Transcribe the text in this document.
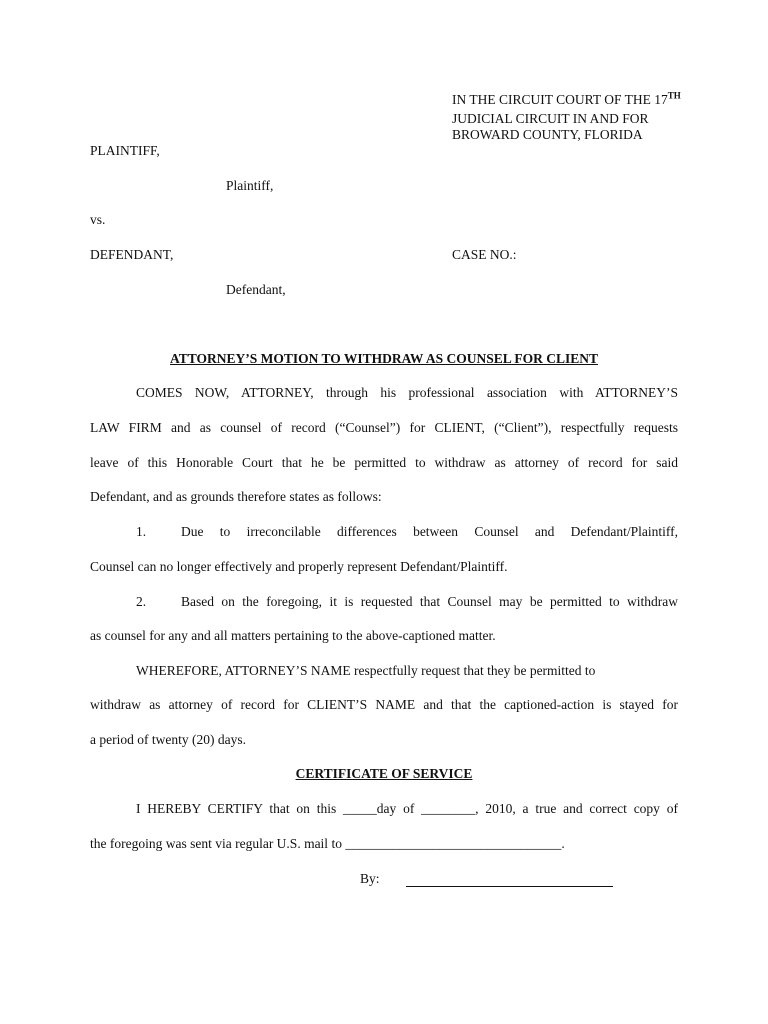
IN THE CIRCUIT COURT OF THE 17TH
JUDICIAL CIRCUIT IN AND FOR
BROWARD COUNTY, FLORIDA
PLAINTIFF,
Plaintiff,
vs.
DEFENDANT,	CASE NO.:
Defendant,
ATTORNEY’S MOTION TO WITHDRAW AS COUNSEL FOR CLIENT
COMES NOW, ATTORNEY, through his professional association with ATTORNEY’S
LAW FIRM and as counsel of record (“Counsel”) for CLIENT, (“Client”), respectfully requests
leave of this Honorable Court that he be permitted to withdraw as attorney of record for said
Defendant, and as grounds therefore states as follows:
1.	Due to irreconcilable differences between Counsel and Defendant/Plaintiff,
Counsel can no longer effectively and properly represent Defendant/Plaintiff.
2.	Based on the foregoing, it is requested that Counsel may be permitted to withdraw
as counsel for any and all matters pertaining to the above-captioned matter.
WHEREFORE, ATTORNEY’S NAME respectfully request that they be permitted to
withdraw as attorney of record for CLIENT’S NAME and that the captioned-action is stayed for
a period of twenty (20) days.
CERTIFICATE OF SERVICE
I HEREBY CERTIFY that on this _____day of ________, 2010, a true and correct copy of
the foregoing was sent via regular U.S. mail to ________________________________.
By:
